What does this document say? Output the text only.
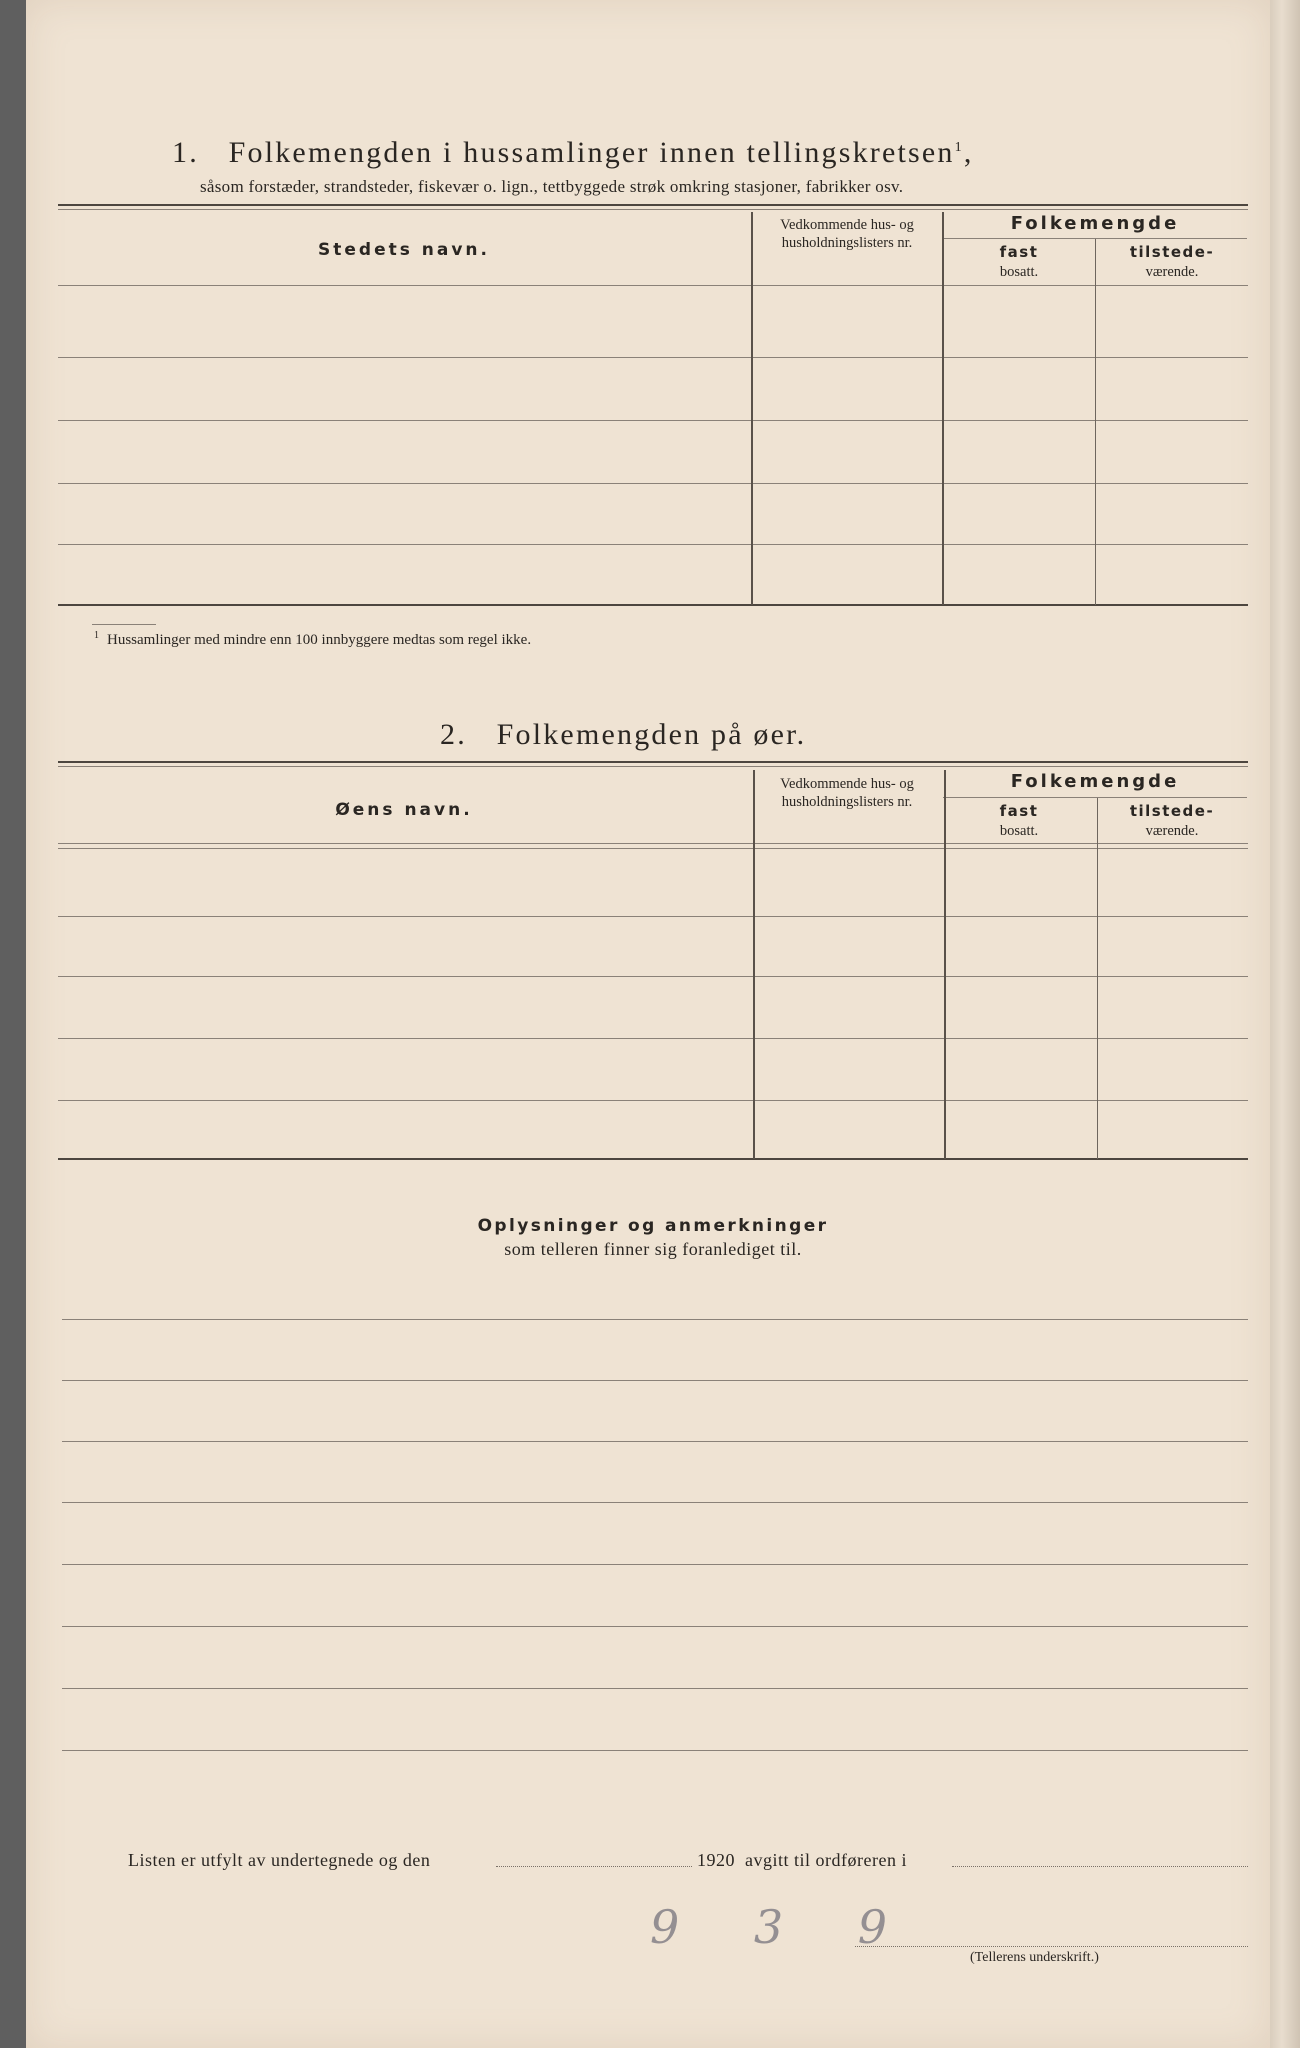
1. Folkemengden i hussamlinger innen tellingskretsen$^1$,
såsom forstæder, strandsteder, fiskevær o. lign., tettbyggede strøk omkring stasjoner, fabrikker osv.
Stedets navn.
Vedkommende hus- og husholdningslisters nr.
Folkemengde
fast
bosatt.
tilstede-
værende.
$^1$ Hussamlinger med mindre enn 100 innbyggere medtas som regel ikke.
2. Folkemengden på øer.
Øens navn.
Vedkommende hus- og husholdningslisters nr.
Folkemengde
fast
bosatt.
tilstede-
værende.
Oplysninger og anmerkninger
som telleren finner sig foranlediget til.
Listen er utfylt av undertegnede og den	1920 avgitt til ordføreren i
9 3 9
(Tellerens underskrift.)
